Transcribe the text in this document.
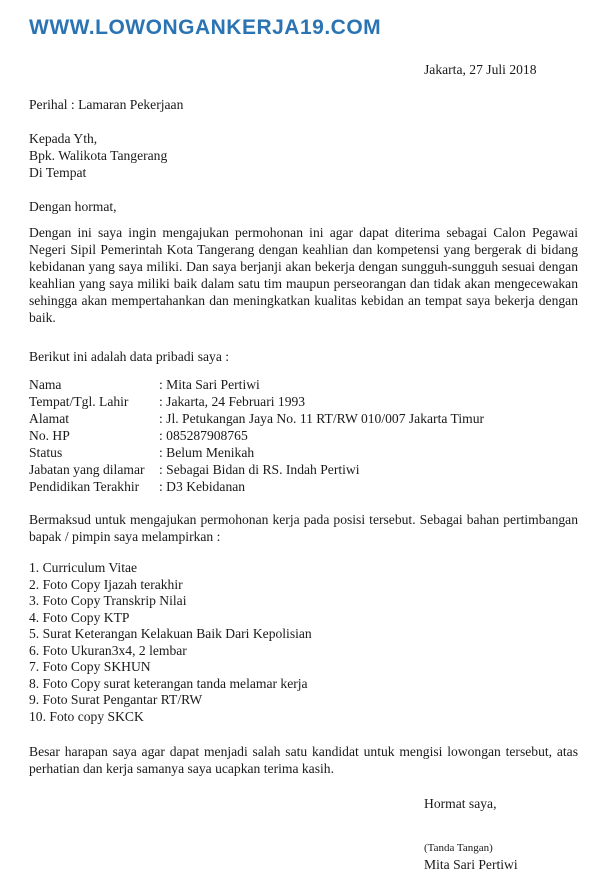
WWW.LOWONGANKERJA19.COM
Jakarta, 27 Juli 2018
Perihal : Lamaran Pekerjaan
Kepada Yth,
Bpk. Walikota Tangerang
Di Tempat
Dengan hormat,
Dengan ini saya ingin mengajukan permohonan ini agar dapat diterima sebagai Calon Pegawai Negeri Sipil Pemerintah Kota Tangerang dengan keahlian dan kompetensi yang bergerak di bidang kebidanan yang saya miliki. Dan saya berjanji akan bekerja dengan sungguh-sungguh sesuai dengan keahlian yang saya miliki baik dalam satu tim maupun perseorangan dan tidak akan mengecewakan sehingga akan mempertahankan dan meningkatkan kualitas kebidan an tempat saya bekerja dengan baik.
Berikut ini adalah data pribadi saya :
Nama	: Mita Sari Pertiwi
Tempat/Tgl. Lahir : Jakarta, 24 Februari 1993
Alamat	: Jl. Petukangan Jaya No. 11 RT/RW 010/007 Jakarta Timur
No. HP	: 085287908765
Status	: Belum Menikah
Jabatan yang dilamar : Sebagai Bidan di RS. Indah Pertiwi
Pendidikan Terakhir : D3 Kebidanan
Bermaksud untuk mengajukan permohonan kerja pada posisi tersebut. Sebagai bahan pertimbangan bapak / pimpin saya melampirkan :
1. Curriculum Vitae
2. Foto Copy Ijazah terakhir
3. Foto Copy Transkrip Nilai
4. Foto Copy KTP
5. Surat Keterangan Kelakuan Baik Dari Kepolisian
6. Foto Ukuran3x4, 2 lembar
7. Foto Copy SKHUN
8. Foto Copy surat keterangan tanda melamar kerja
9. Foto Surat Pengantar RT/RW
10. Foto copy SKCK
Besar harapan saya agar dapat menjadi salah satu kandidat untuk mengisi lowongan tersebut, atas perhatian dan kerja samanya saya ucapkan terima kasih.
Hormat saya,
(Tanda Tangan)
Mita Sari Pertiwi
